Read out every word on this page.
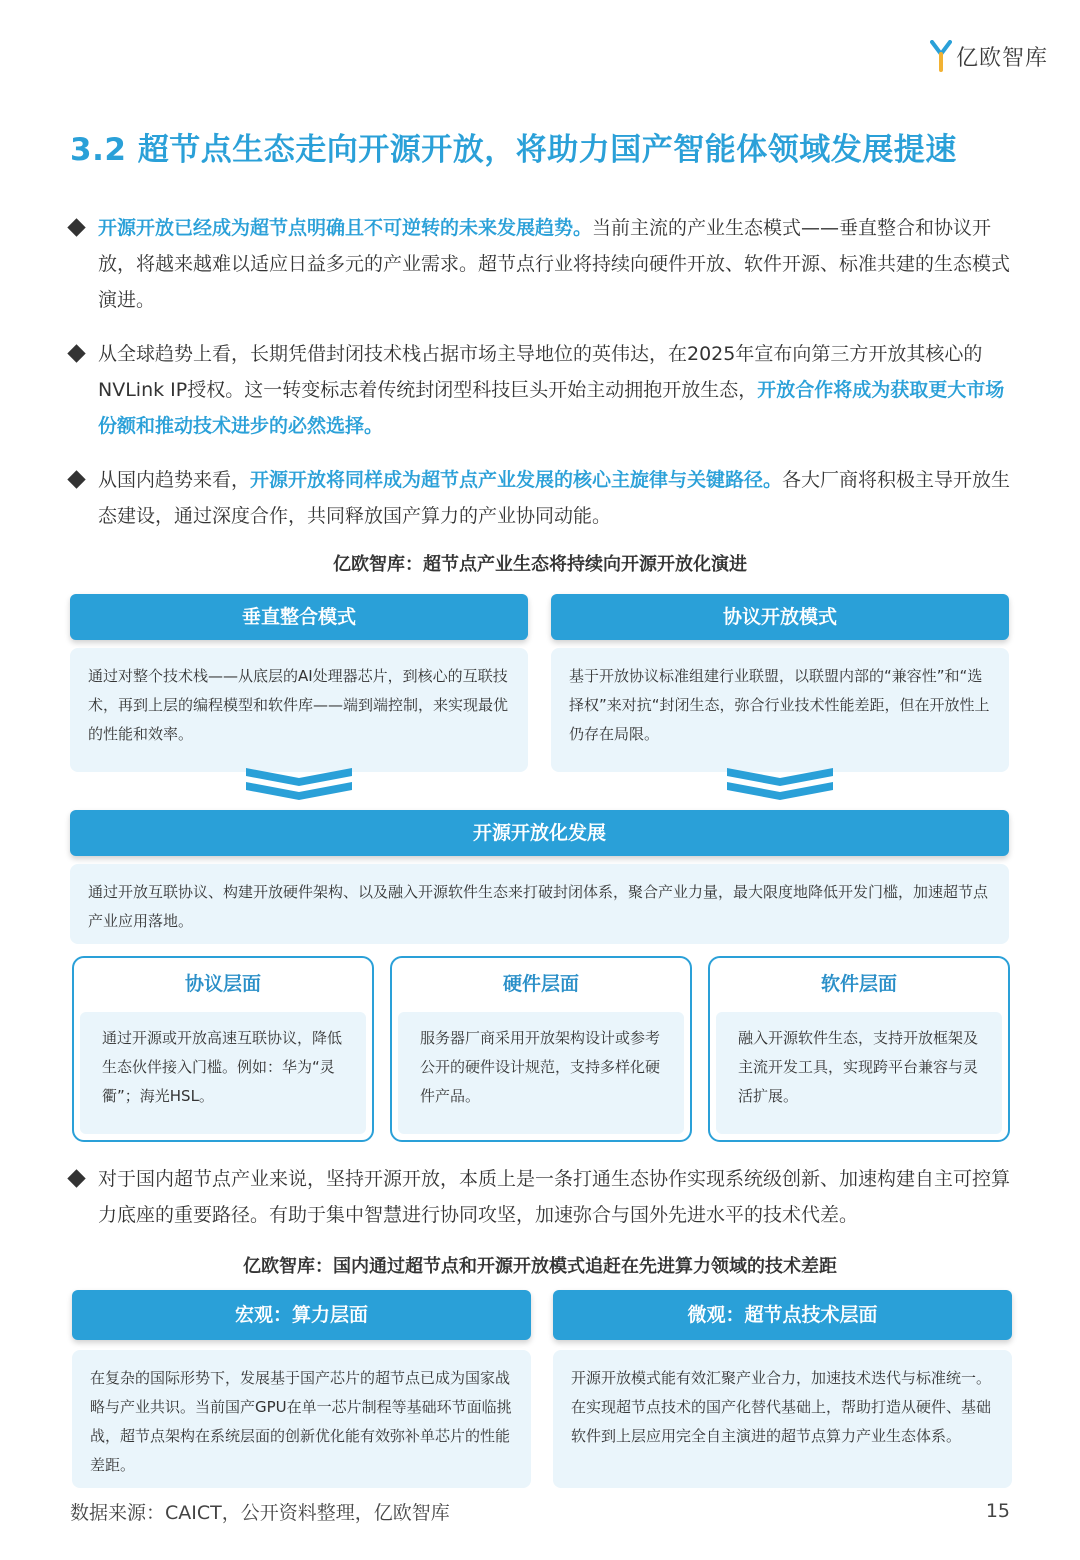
亿欧智库
3.2 超节点生态走向开源开放，将助力国产智能体领域发展提速
开源开放已经成为超节点明确且不可逆转的未来发展趋势。当前主流的产业生态模式——垂直整合和协议开放，将越来越难以适应日益多元的产业需求。超节点行业将持续向硬件开放、软件开源、标准共建的生态模式演进。
从全球趋势上看，长期凭借封闭技术栈占据市场主导地位的英伟达，在2025年宣布向第三方开放其核心的NVLink IP授权。这一转变标志着传统封闭型科技巨头开始主动拥抱开放生态，开放合作将成为获取更大市场份额和推动技术进步的必然选择。
从国内趋势来看，开源开放将同样成为超节点产业发展的核心主旋律与关键路径。各大厂商将积极主导开放生态建设，通过深度合作，共同释放国产算力的产业协同动能。
亿欧智库：超节点产业生态将持续向开源开放化演进
垂直整合模式	协议开放模式
通过对整个技术栈——从底层的AI处理器芯片，到核心的互联技术，再到上层的编程模型和软件库——端到端控制，来实现最优的性能和效率。
基于开放协议标准组建行业联盟，以联盟内部的“兼容性”和“选择权”来对抗“封闭生态，弥合行业技术性能差距，但在开放性上仍存在局限。
开源开放化发展
通过开放互联协议、构建开放硬件架构、以及融入开源软件生态来打破封闭体系，聚合产业力量，最大限度地降低开发门槛，加速超节点产业应用落地。
协议层面
通过开源或开放高速互联协议，降低生态伙伴接入门槛。例如：华为“灵衢”；海光HSL。
硬件层面
服务器厂商采用开放架构设计或参考公开的硬件设计规范，支持多样化硬件产品。
软件层面
融入开源软件生态，支持开放框架及主流开发工具，实现跨平台兼容与灵活扩展。
对于国内超节点产业来说，坚持开源开放，本质上是一条打通生态协作实现系统级创新、加速构建自主可控算力底座的重要路径。有助于集中智慧进行协同攻坚，加速弥合与国外先进水平的技术代差。
亿欧智库：国内通过超节点和开源开放模式追赶在先进算力领域的技术差距
宏观：算力层面	微观：超节点技术层面
在复杂的国际形势下，发展基于国产芯片的超节点已成为国家战略与产业共识。当前国产GPU在单一芯片制程等基础环节面临挑战，超节点架构在系统层面的创新优化能有效弥补单芯片的性能差距。
开源开放模式能有效汇聚产业合力，加速技术迭代与标准统一。在实现超节点技术的国产化替代基础上，帮助打造从硬件、基础软件到上层应用完全自主演进的超节点算力产业生态体系。
数据来源：CAICT，公开资料整理，亿欧智库	15
